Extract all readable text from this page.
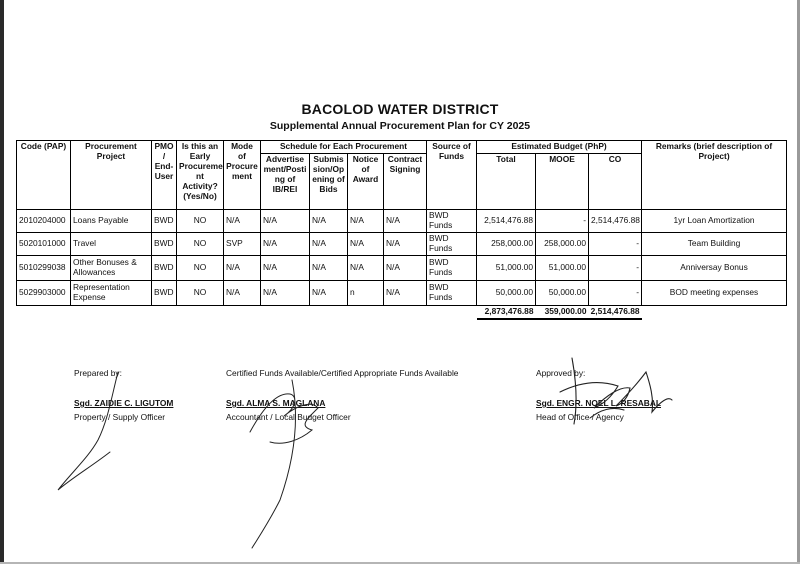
BACOLOD WATER DISTRICT
Supplemental Annual Procurement Plan for CY 2025
Code (PAP)	Procurement Project	PMO / End-User	Is this an Early Procureme nt Activity? (Yes/No)	Mode of Procure ment	Schedule for Each Procurement				Source of Funds	Estimated Budget (PhP)			Remarks (brief description of Project)
					Advertise ment/Posti ng of IB/REI	Submis sion/Op ening of Bids	Notice of Award	Contract Signing		Total	MOOE	CO	
2010204000	Loans Payable	BWD	NO	N/A	N/A	N/A	N/A	N/A	BWD Funds	2,514,476.88	-	2,514,476.88	1yr Loan Amortization
5020101000	Travel	BWD	NO	SVP	N/A	N/A	N/A	N/A	BWD Funds	258,000.00	258,000.00	-	Team Building
5010299038	Other Bonuses & Allowances	BWD	NO	N/A	N/A	N/A	N/A	N/A	BWD Funds	51,000.00	51,000.00	-	Anniversay Bonus
5029903000	Representation Expense	BWD	NO	N/A	N/A	N/A	n	N/A	BWD Funds	50,000.00	50,000.00	-	BOD meeting expenses
										2,873,476.88	359,000.00	2,514,476.88	
Prepared by:
Sgd. ZAIDIE C. LIGUTOM
Property / Supply Officer
Certified Funds Available/Certified Appropriate Funds Available
Sgd. ALMA S. MAGLANA
Accountant / Local Budget Officer
Approved by:
Sgd. ENGR. NOEL L. RESABAL
Head of Office / Agency
